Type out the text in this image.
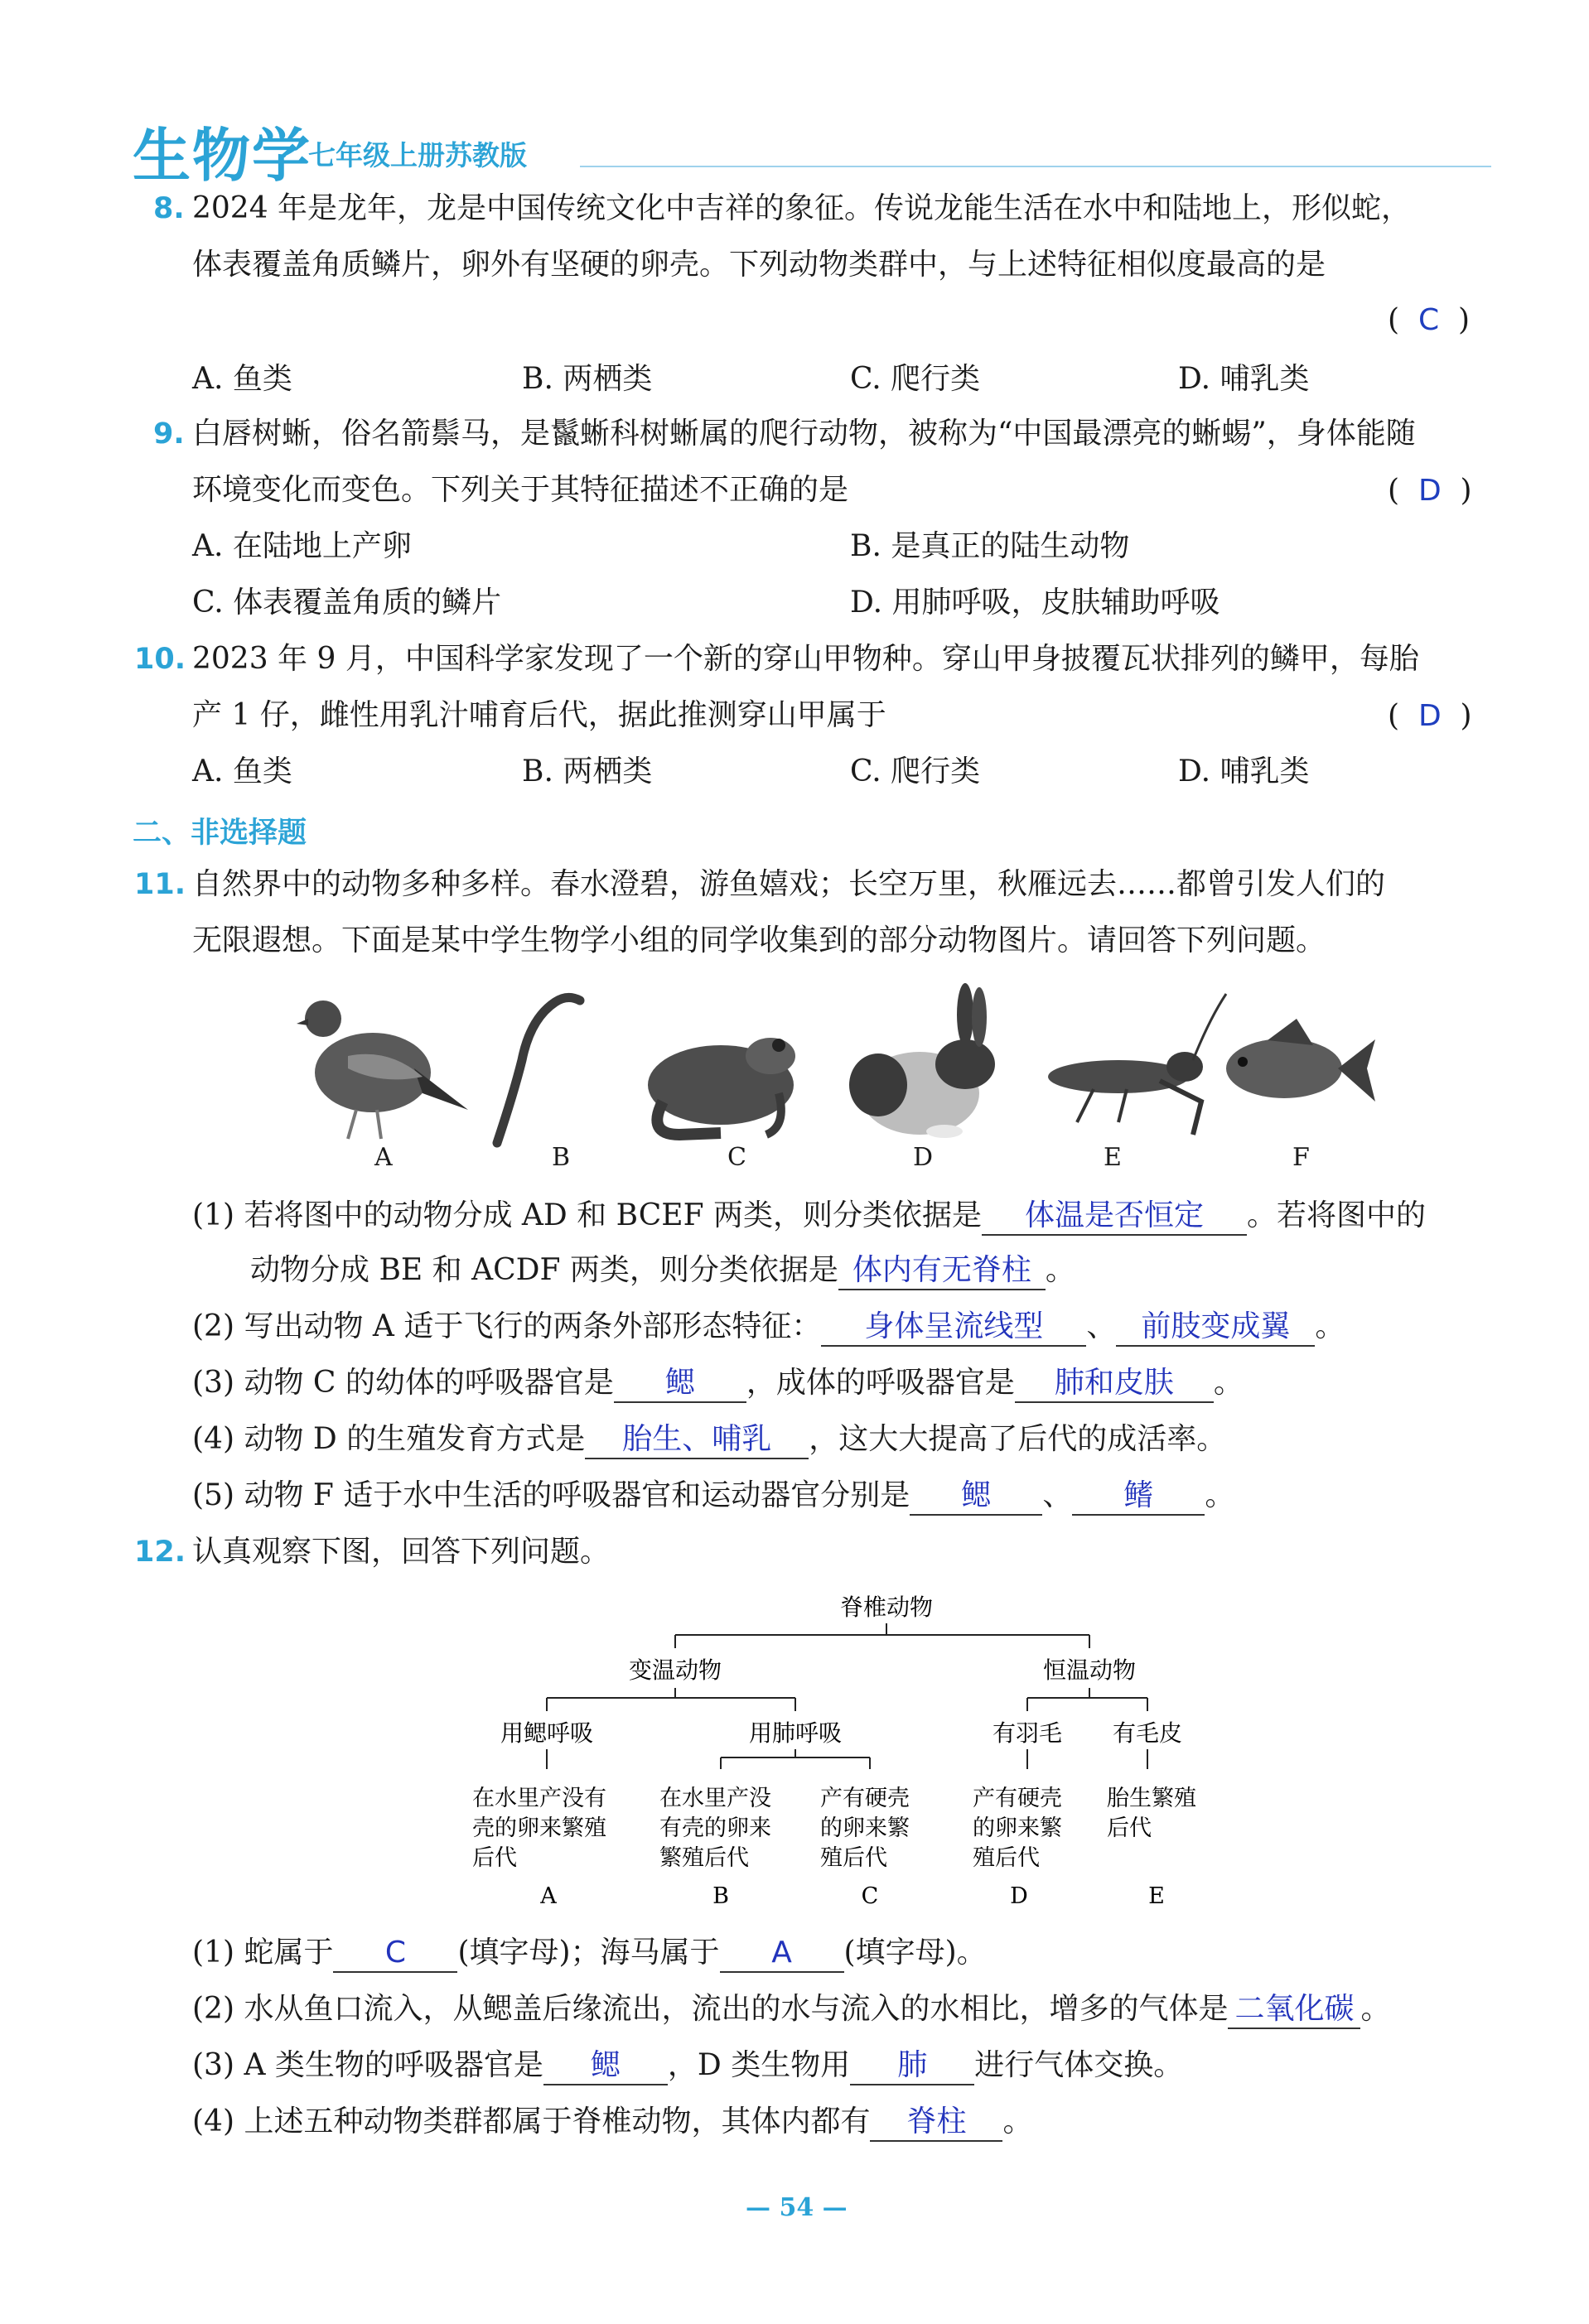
生物学
七年级上册苏教版
8. 2024 年是龙年，龙是中国传统文化中吉祥的象征。传说龙能生活在水中和陆地上，形似蛇，
体表覆盖角质鳞片，卵外有坚硬的卵壳。下列动物类群中，与上述特征相似度最高的是
(  C  )
A. 鱼类	B. 两栖类	C. 爬行类	D. 哺乳类
9. 白唇树蜥，俗名箭鬃马，是鬣蜥科树蜥属的爬行动物，被称为“中国最漂亮的蜥蜴”，身体能随
环境变化而变色。下列关于其特征描述不正确的是	(  D  )
A. 在陆地上产卵	B. 是真正的陆生动物
C. 体表覆盖角质的鳞片	D. 用肺呼吸，皮肤辅助呼吸
10. 2023 年 9 月，中国科学家发现了一个新的穿山甲物种。穿山甲身披覆瓦状排列的鳞甲，每胎
产 1 仔，雌性用乳汁哺育后代，据此推测穿山甲属于	(  D  )
A. 鱼类	B. 两栖类	C. 爬行类	D. 哺乳类
二、非选择题
11. 自然界中的动物多种多样。春水澄碧，游鱼嬉戏；长空万里，秋雁远去……都曾引发人们的
无限遐想。下面是某中学生物学小组的同学收集到的部分动物图片。请回答下列问题。
A	B	C	D	E	F
(1) 若将图中的动物分成 AD 和 BCEF 两类，则分类依据是 体温是否恒定 。若将图中的
动物分成 BE 和 ACDF 两类，则分类依据是 体内有无脊柱 。
(2) 写出动物 A 适于飞行的两条外部形态特征： 身体呈流线型 、 前肢变成翼 。
(3) 动物 C 的幼体的呼吸器官是 鳃 ，成体的呼吸器官是 肺和皮肤 。
(4) 动物 D 的生殖发育方式是 胎生、哺乳 ，这大大提高了后代的成活率。
(5) 动物 F 适于水中生活的呼吸器官和运动器官分别是 鳃 、 鳍 。
12. 认真观察下图，回答下列问题。
脊椎动物
变温动物	恒温动物
用鳃呼吸	用肺呼吸	有羽毛 有毛皮
在水里产没有
壳的卵来繁殖
后代
在水里产没
有壳的卵来
繁殖后代
产有硬壳
的卵来繁
殖后代
产有硬壳
的卵来繁
殖后代
胎生繁殖
后代
A	B	C	D	E
(1) 蛇属于 C (填字母)；海马属于 A (填字母)。
(2) 水从鱼口流入，从鳃盖后缘流出，流出的水与流入的水相比，增多的气体是 二氧化碳 。
(3) A 类生物的呼吸器官是 鳃 ，D 类生物用 肺 进行气体交换。
(4) 上述五种动物类群都属于脊椎动物，其体内都有 脊柱 。
— 54 —
